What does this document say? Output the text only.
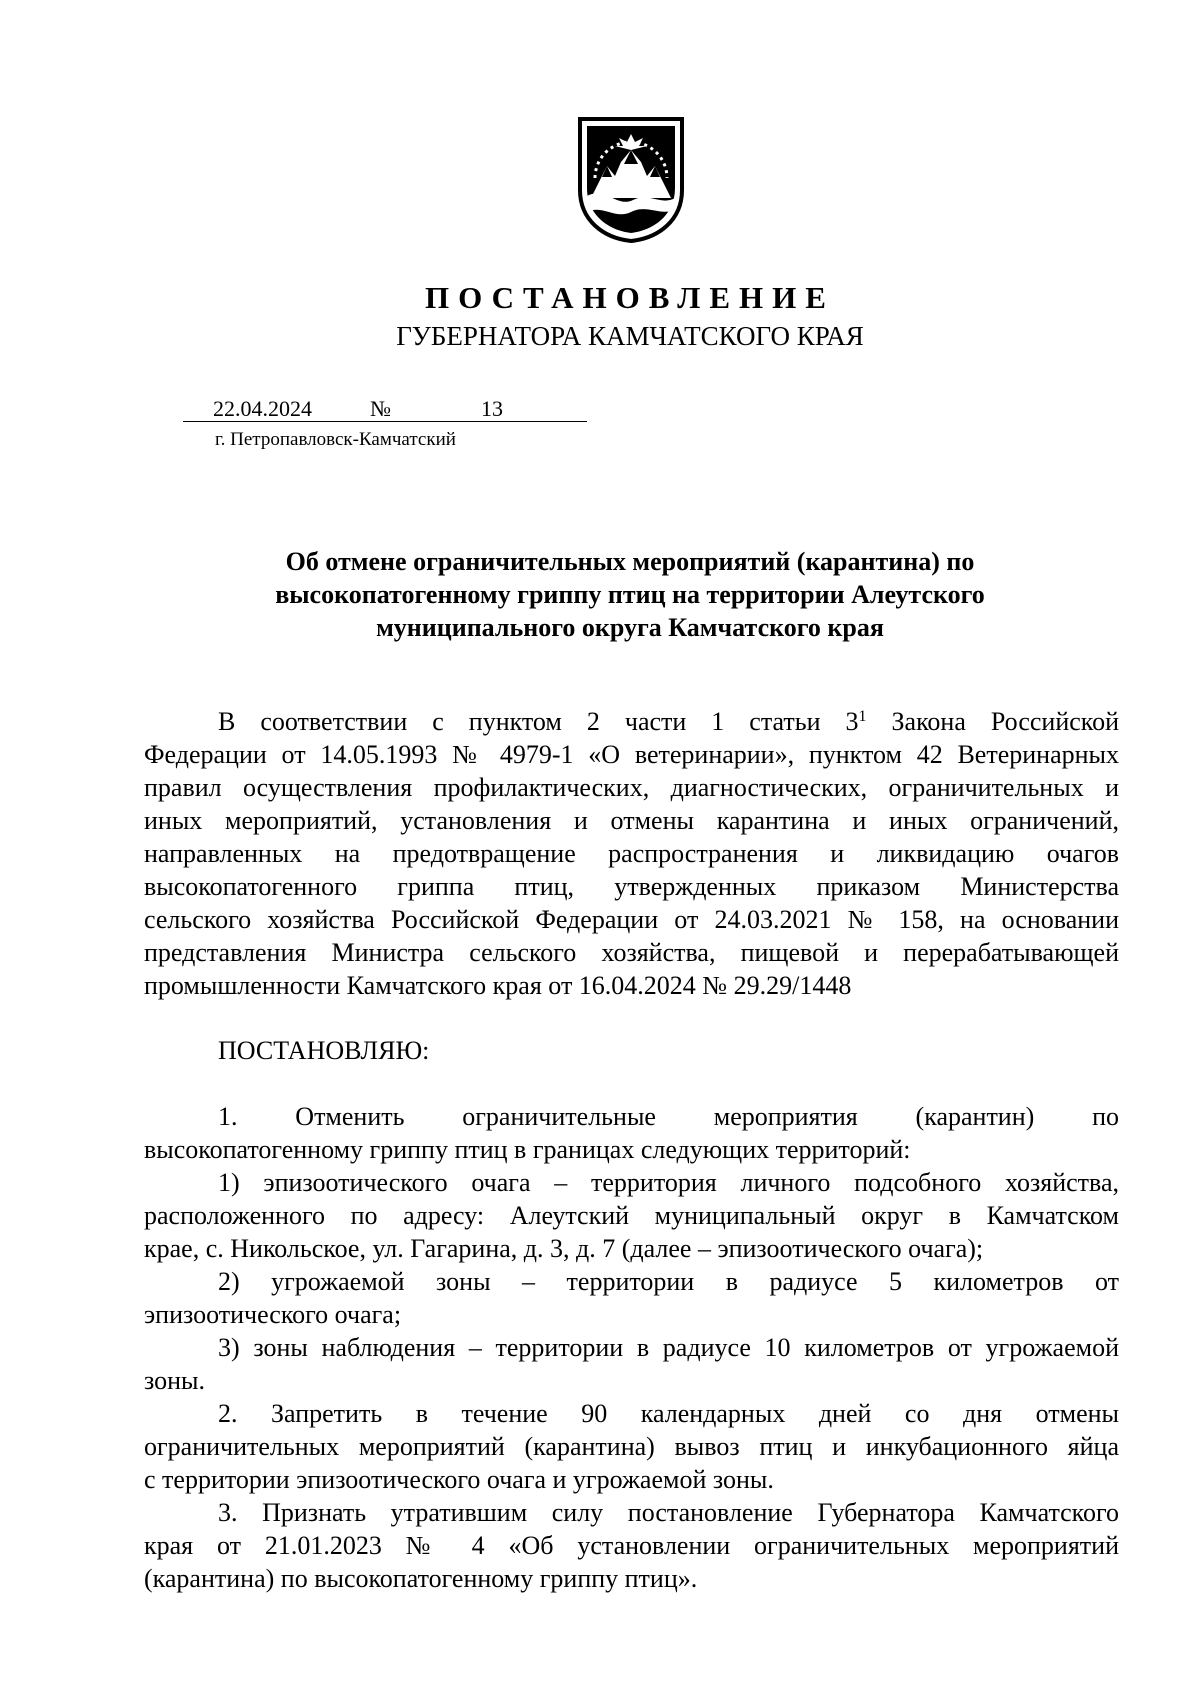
ПОСТАНОВЛЕНИЕ
ГУБЕРНАТОРА КАМЧАТСКОГО КРАЯ
22.04.2024	№	13
г. Петропавловск-Камчатский
Об отмене ограничительных мероприятий (карантина) по
высокопатогенному гриппу птиц на территории Алеутского
муниципального округа Камчатского края
В соответствии с пунктом 2 части 1 статьи $3^1$ Закона Российской
Федерации от 14.05.1993 № 4979-1 «О ветеринарии», пунктом 42 Ветеринарных
правил осуществления профилактических, диагностических, ограничительных и
иных мероприятий, установления и отмены карантина и иных ограничений,
направленных на предотвращение распространения и ликвидацию очагов
высокопатогенного гриппа птиц, утвержденных приказом Министерства
сельского хозяйства Российской Федерации от 24.03.2021 № 158, на основании
представления Министра сельского хозяйства, пищевой и перерабатывающей
промышленности Камчатского края от 16.04.2024 № 29.29/1448
ПОСТАНОВЛЯЮ:
1. Отменить ограничительные мероприятия (карантин) по
высокопатогенному гриппу птиц в границах следующих территорий:
1) эпизоотического очага – территория личного подсобного хозяйства,
расположенного по адресу: Алеутский муниципальный округ в Камчатском
крае, с. Никольское, ул. Гагарина, д. 3, д. 7 (далее – эпизоотического очага);
2) угрожаемой зоны – территории в радиусе 5 километров от
эпизоотического очага;
3) зоны наблюдения – территории в радиусе 10 километров от угрожаемой
зоны.
2. Запретить в течение 90 календарных дней со дня отмены
ограничительных мероприятий (карантина) вывоз птиц и инкубационного яйца
с территории эпизоотического очага и угрожаемой зоны.
3. Признать утратившим силу постановление Губернатора Камчатского
края от 21.01.2023 № 4 «Об установлении ограничительных мероприятий
(карантина) по высокопатогенному гриппу птиц».
